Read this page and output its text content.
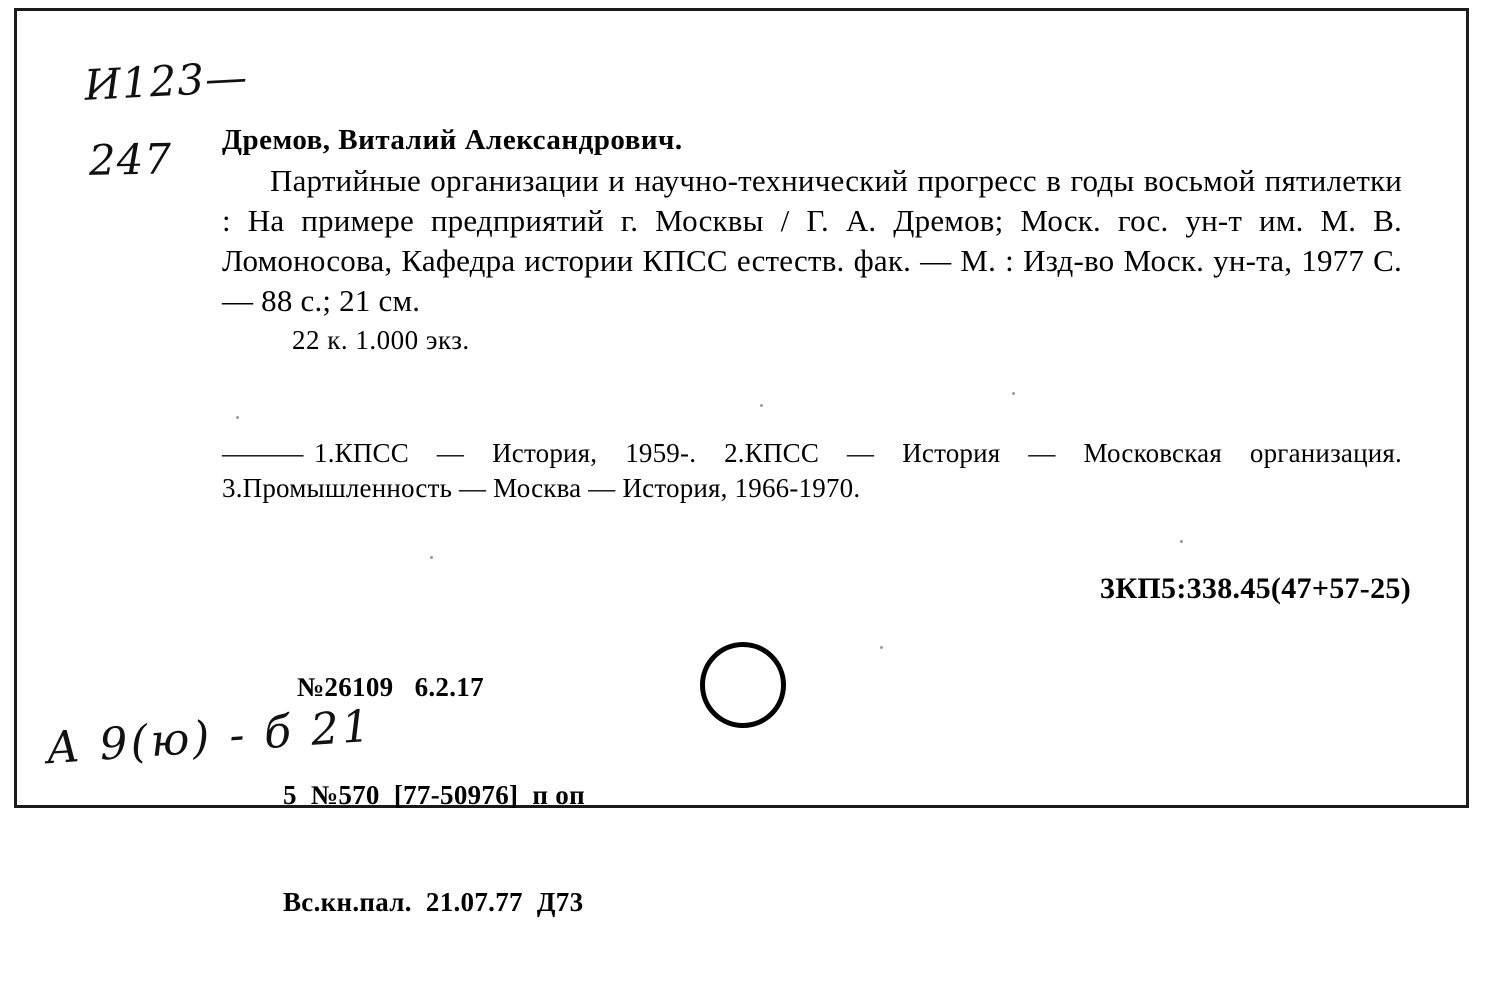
И123—

247

	Дремов, Виталий Александрович.
Партийные организации и научно-технический прогресс в годы восьмой пятилетки : На примере предприятий г. Москвы / Г. А. Дремов; Моск. гос. ун-т им. М. В. Ломоносова, Кафедра истории КПСС естеств. фак. — М. : Изд-во Моск. ун-та, 1977 С. — 88 с.; 21 см.
22 к. 1.000 экз.
——— 1.КПСС — История, 1959-. 2.КПСС — История — Московская организация. 3.Промышленность — Москва — История, 1966-1970.
3КП5:338.45(47+57-25)

№26109   6.2.17

5  №570  [77-50976]  п оп

Вс.кн.пал.  21.07.77  Д73

А 9(ю) - б 21
